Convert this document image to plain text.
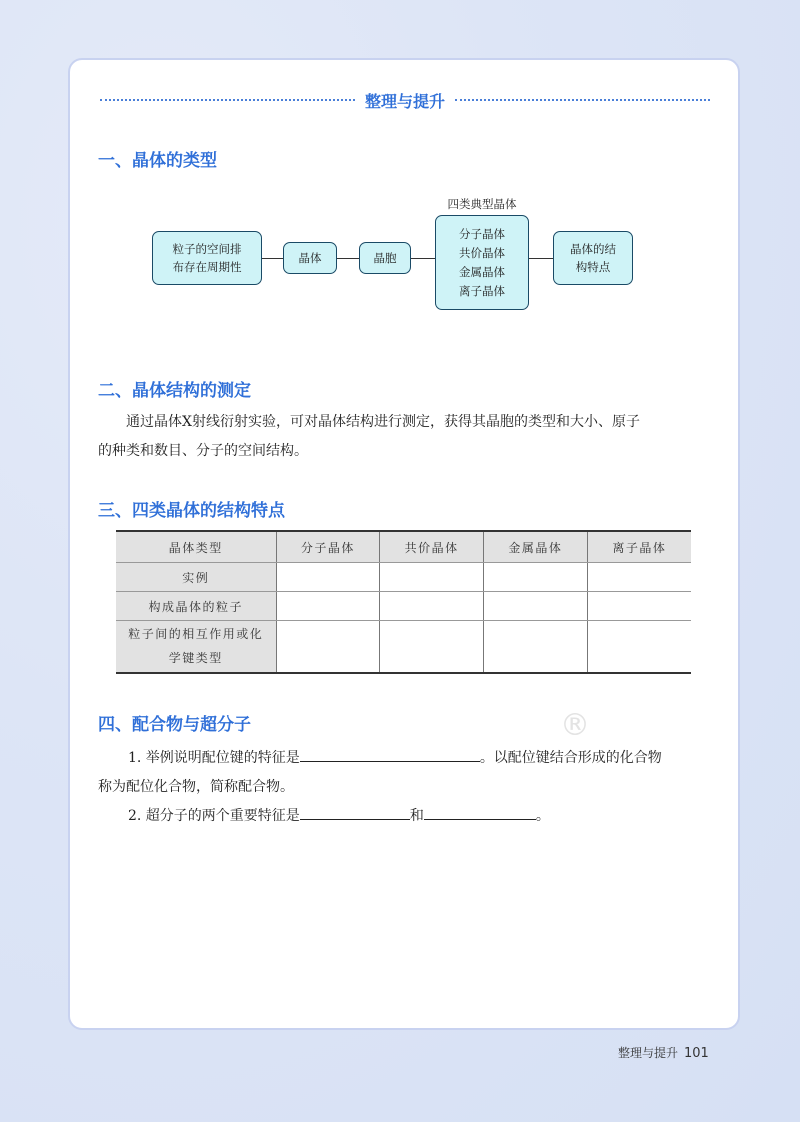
整理与提升
一、晶体的类型
粒子的空间排
布存在周期性
晶体	晶胞
四类典型晶体
分子晶体
共价晶体
金属晶体
离子晶体
晶体的结
构特点
二、晶体结构的测定
通过晶体X射线衍射实验，可对晶体结构进行测定，获得其晶胞的类型和大小、原子
的种类和数目、分子的空间结构。
三、四类晶体的结构特点
晶体类型	分子晶体	共价晶体	金属晶体	离子晶体
实例				
构成晶体的粒子				
粒子间的相互作用或化
学键类型				
四、配合物与超分子	®
1. 举例说明配位键的特征是	。以配位键结合形成的化合物
称为配位化合物，简称配合物。
2. 超分子的两个重要特征是	和	。
整理与提升 101
